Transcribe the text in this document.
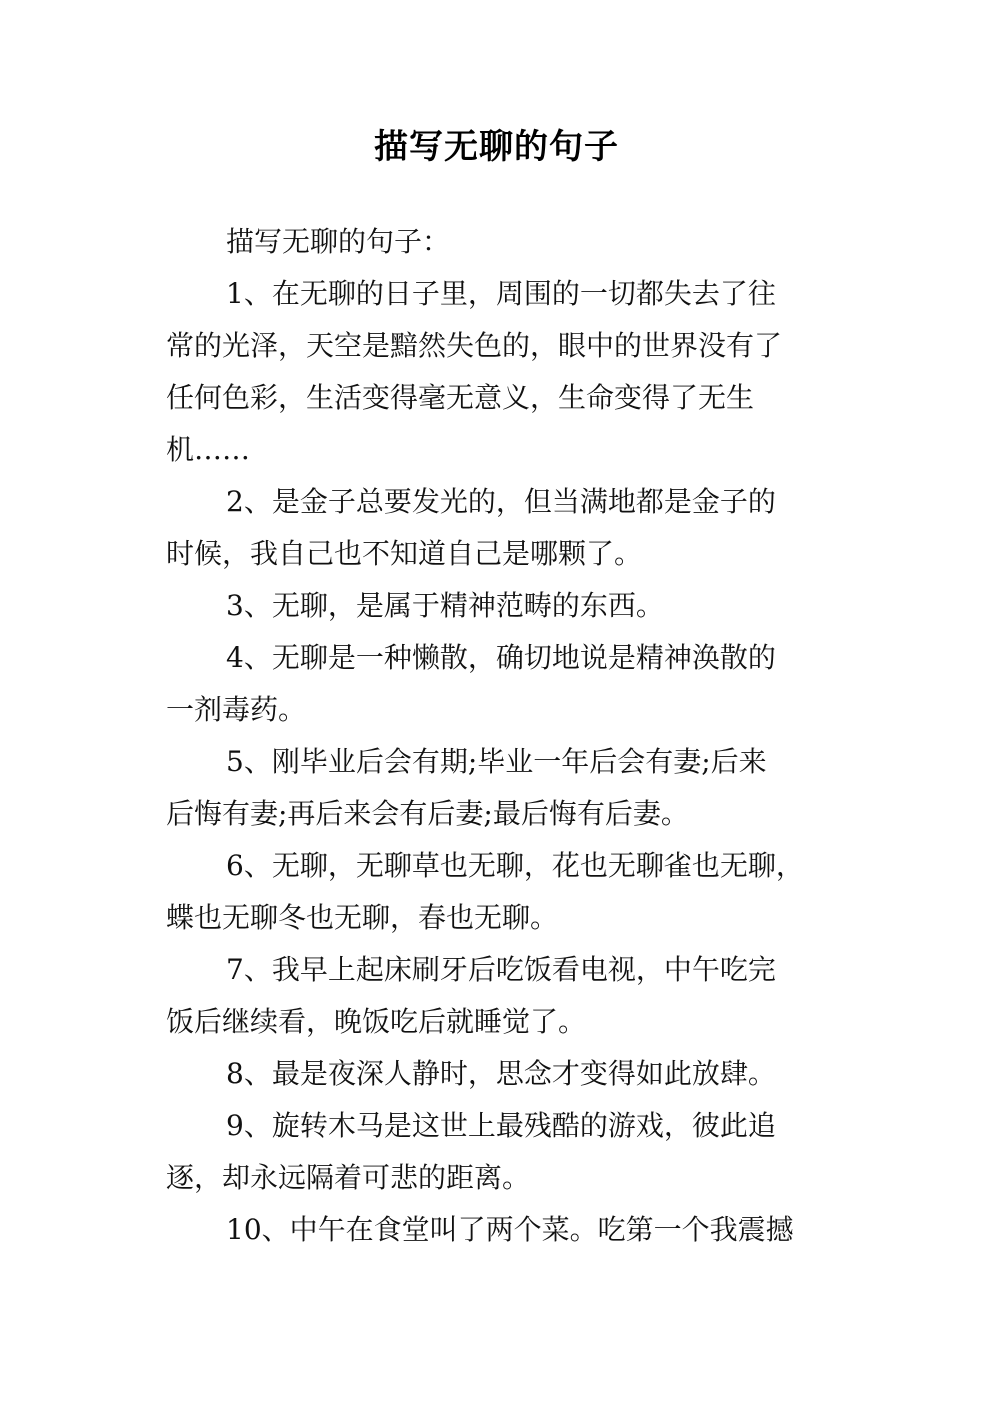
描写无聊的句子
描写无聊的句子：
1、在无聊的日子里，周围的一切都失去了往
常的光泽，天空是黯然失色的，眼中的世界没有了
任何色彩，生活变得毫无意义，生命变得了无生
机……
2、是金子总要发光的，但当满地都是金子的
时候，我自己也不知道自己是哪颗了。
3、无聊，是属于精神范畴的东西。
4、无聊是一种懒散，确切地说是精神涣散的
一剂毒药。
5、刚毕业后会有期;毕业一年后会有妻;后来
后悔有妻;再后来会有后妻;最后悔有后妻。
6、无聊，无聊草也无聊，花也无聊雀也无聊，
蝶也无聊冬也无聊，春也无聊。
7、我早上起床刷牙后吃饭看电视，中午吃完
饭后继续看，晚饭吃后就睡觉了。
8、最是夜深人静时，思念才变得如此放肆。
9、旋转木马是这世上最残酷的游戏，彼此追
逐，却永远隔着可悲的距离。
10、中午在食堂叫了两个菜。吃第一个我震撼
